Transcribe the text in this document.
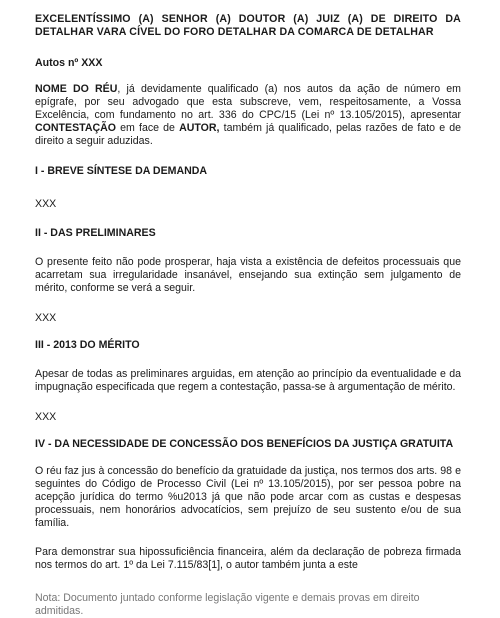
EXCELENTÍSSIMO (A) SENHOR (A) DOUTOR (A) JUIZ (A) DE DIREITO DA DETALHAR VARA CÍVEL DO FORO DETALHAR DA COMARCA DE DETALHAR

Autos nº XXX

NOME DO RÉU, já devidamente qualificado (a) nos autos da ação de número em epígrafe, por seu advogado que esta subscreve, vem, respeitosamente, a Vossa Excelência, com fundamento no art. 336 do CPC/15 (Lei nº 13.105/2015), apresentar CONTESTAÇÃO em face de AUTOR, também já qualificado, pelas razões de fato e de direito a seguir aduzidas.

I - BREVE SÍNTESE DA DEMANDA

XXX

II - DAS PRELIMINARES

O presente feito não pode prosperar, haja vista a existência de defeitos processuais que acarretam sua irregularidade insanável, ensejando sua extinção sem julgamento de mérito, conforme se verá a seguir.

XXX

III - 2013 DO MÉRITO

Apesar de todas as preliminares arguidas, em atenção ao princípio da eventualidade e da impugnação especificada que regem a contestação, passa-se à argumentação de mérito.

XXX

IV - DA NECESSIDADE DE CONCESSÃO DOS BENEFÍCIOS DA JUSTIÇA GRATUITA

O réu faz jus à concessão do benefício da gratuidade da justiça, nos termos dos arts. 98 e seguintes do Código de Processo Civil (Lei nº 13.105/2015), por ser pessoa pobre na acepção jurídica do termo %u2013 já que não pode arcar com as custas e despesas processuais, nem honorários advocatícios, sem prejuízo de seu sustento e/ou de sua família.

Para demonstrar sua hipossuficiência financeira, além da declaração de pobreza firmada nos termos do art. 1º da Lei 7.115/83[1], o autor também junta a este

Nota: Documento juntado conforme legislação vigente e demais provas em direito admitidas.
